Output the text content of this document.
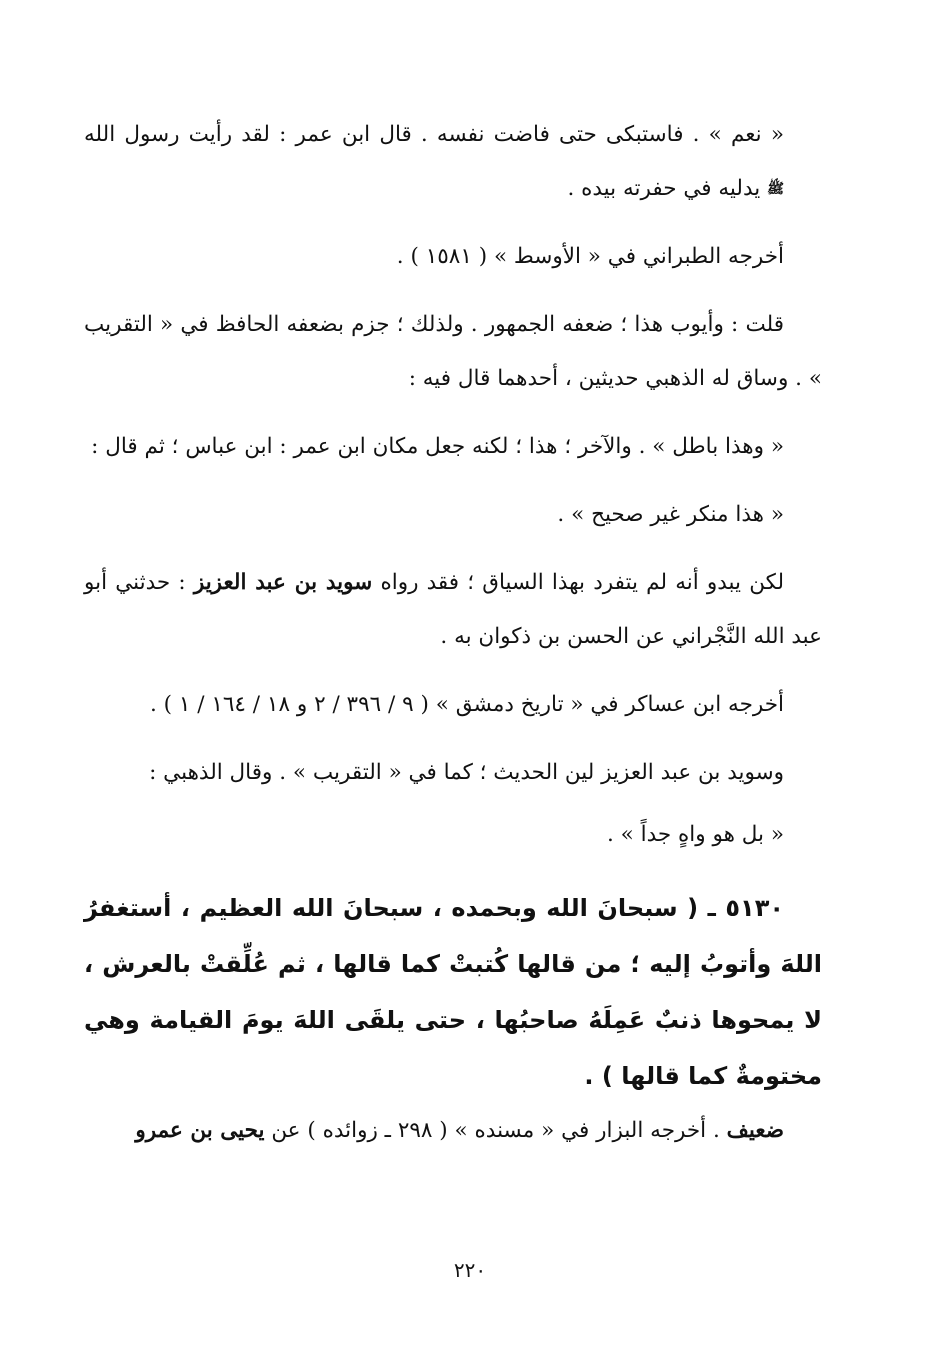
« نعم » . فاستبكى حتى فاضت نفسه . قال ابن عمر : لقد رأيت رسول الله ﷺ يدليه في حفرته بيده .

أخرجه الطبراني في « الأوسط » ( ١٥٨١ ) .

قلت : وأيوب هذا ؛ ضعفه الجمهور . ولذلك ؛ جزم بضعفه الحافظ في « التقريب » . وساق له الذهبي حديثين ، أحدهما قال فيه :

« وهذا باطل » . والآخر ؛ هذا ؛ لكنه جعل مكان ابن عمر : ابن عباس ؛ ثم قال :

« هذا منكر غير صحيح » .

لكن يبدو أنه لم يتفرد بهذا السياق ؛ فقد رواه سويد بن عبد العزيز : حدثني أبو عبد الله النَّجْراني عن الحسن بن ذكوان به .

أخرجه ابن عساكر في « تاريخ دمشق » ( ٩ / ٣٩٦ / ٢ و ١٨ / ١٦٤ / ١ ) .

وسويد بن عبد العزيز لين الحديث ؛ كما في « التقريب » . وقال الذهبي :

« بل هو واهٍ جداً » .

٥١٣٠ ـ ( سبحانَ الله وبحمده ، سبحانَ الله العظيم ، أستغفرُ اللهَ وأتوبُ إليه ؛ من قالها كُتبتْ كما قالها ، ثم عُلِّقتْ بالعرش ، لا يمحوها ذنبٌ عَمِلَهُ صاحبُها ، حتى يلقَى اللهَ يومَ القيامة وهي مختومةٌ كما قالها ) .

ضعيف . أخرجه البزار في « مسنده » ( ٢٩٨ ـ زوائده ) عن يحيى بن عمرو

٢٢٠
